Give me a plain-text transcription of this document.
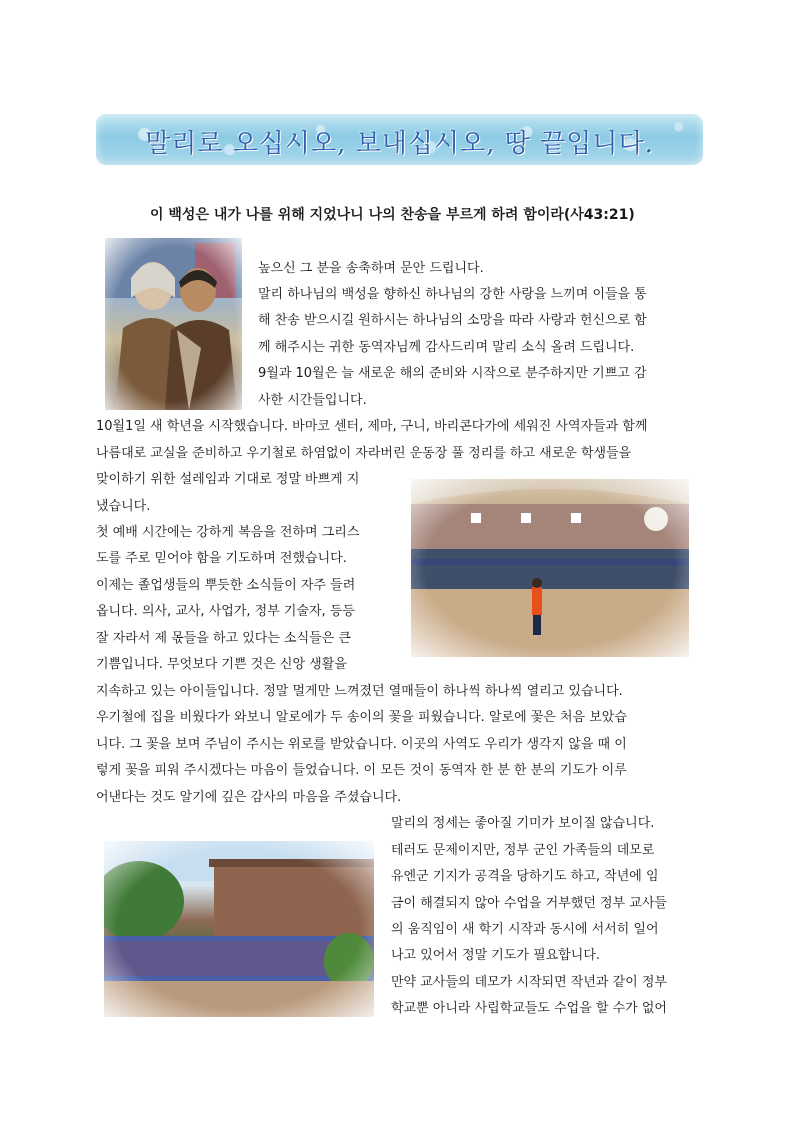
말리로 오십시오, 보내십시오, 땅 끝입니다.
이 백성은 내가 나를 위해 지었나니 나의 찬송을 부르게 하려 함이라(사43:21)
높으신 그 분을 송축하며 문안 드립니다.
말리 하나님의 백성을 향하신 하나님의 강한 사랑을 느끼며 이들을 통
해 찬송 받으시길 원하시는 하나님의 소망을 따라 사랑과 헌신으로 함
께 해주시는 귀한 동역자님께 감사드리며 말리 소식 올려 드립니다.
9월과 10월은 늘 새로운 해의 준비와 시작으로 분주하지만 기쁘고 감
사한 시간들입니다.
10월1일 새 학년을 시작했습니다. 바마코 센터, 제마, 구니, 바리콘다가에 세워진 사역자들과 함께
나름대로 교실을 준비하고 우기철로 하염없이 자라버린 운동장 풀 정리를 하고 새로운 학생들을
맞이하기 위한 설레임과 기대로 정말 바쁘게 지
냈습니다.
첫 예배 시간에는 강하게 복음을 전하며 그리스
도를 주로 믿어야 함을 기도하며 전했습니다.
이제는 졸업생들의 뿌듯한 소식들이 자주 들려
옵니다. 의사, 교사, 사업가, 정부 기술자, 등등
잘 자라서 제 몫들을 하고 있다는 소식들은 큰
기쁨입니다. 무엇보다 기쁜 것은 신앙 생활을
지속하고 있는 아이들입니다. 정말 멀게만 느껴졌던 열매들이 하나씩 하나씩 열리고 있습니다.
우기철에 집을 비웠다가 와보니 알로에가 두 송이의 꽃을 피웠습니다. 알로에 꽃은 처음 보았습
니다. 그 꽃을 보며 주님이 주시는 위로를 받았습니다. 이곳의 사역도 우리가 생각지 않을 때 이
렇게 꽃을 피워 주시겠다는 마음이 들었습니다. 이 모든 것이 동역자 한 분 한 분의 기도가 이루
어낸다는 것도 알기에 깊은 감사의 마음을 주셨습니다.
말리의 정세는 좋아질 기미가 보이질 않습니다.
테러도 문제이지만, 정부 군인 가족들의 데모로
유엔군 기지가 공격을 당하기도 하고, 작년에 임
금이 해결되지 않아 수업을 거부했던 정부 교사들
의 움직임이 새 학기 시작과 동시에 서서히 일어
나고 있어서 정말 기도가 필요합니다.
만약 교사들의 데모가 시작되면 작년과 같이 정부
학교뿐 아니라 사립학교들도 수업을 할 수가 없어
